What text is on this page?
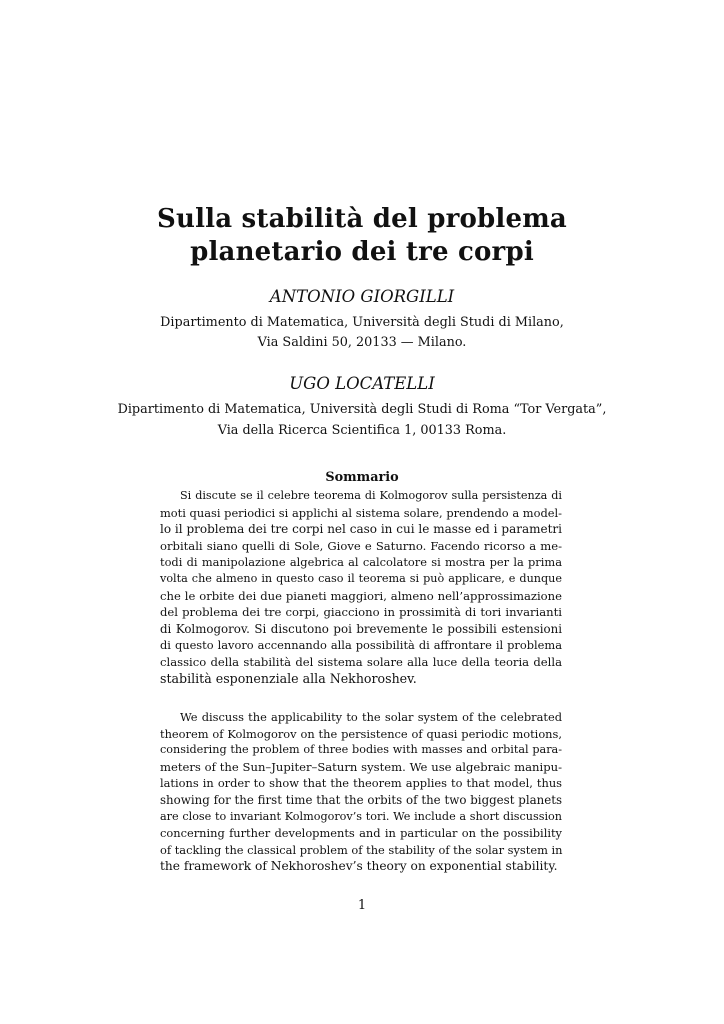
Sulla stabilità del problema
planetario dei tre corpi
ANTONIO GIORGILLI
Dipartimento di Matematica, Università degli Studi di Milano,
Via Saldini 50, 20133 — Milano.
UGO LOCATELLI
Dipartimento di Matematica, Università degli Studi di Roma “Tor Vergata”,
Via della Ricerca Scientifica 1, 00133 Roma.
Sommario
Si discute se il celebre teorema di Kolmogorov sulla persistenza di
moti quasi periodici si applichi al sistema solare, prendendo a model-
lo il problema dei tre corpi nel caso in cui le masse ed i parametri
orbitali siano quelli di Sole, Giove e Saturno. Facendo ricorso a me-
todi di manipolazione algebrica al calcolatore si mostra per la prima
volta che almeno in questo caso il teorema si può applicare, e dunque
che le orbite dei due pianeti maggiori, almeno nell’approssimazione
del problema dei tre corpi, giacciono in prossimità di tori invarianti
di Kolmogorov. Si discutono poi brevemente le possibili estensioni
di questo lavoro accennando alla possibilità di affrontare il problema
classico della stabilità del sistema solare alla luce della teoria della
stabilità esponenziale alla Nekhoroshev.
We discuss the applicability to the solar system of the celebrated
theorem of Kolmogorov on the persistence of quasi periodic motions,
considering the problem of three bodies with masses and orbital para-
meters of the Sun–Jupiter–Saturn system. We use algebraic manipu-
lations in order to show that the theorem applies to that model, thus
showing for the first time that the orbits of the two biggest planets
are close to invariant Kolmogorov’s tori. We include a short discussion
concerning further developments and in particular on the possibility
of tackling the classical problem of the stability of the solar system in
the framework of Nekhoroshev’s theory on exponential stability.
1
